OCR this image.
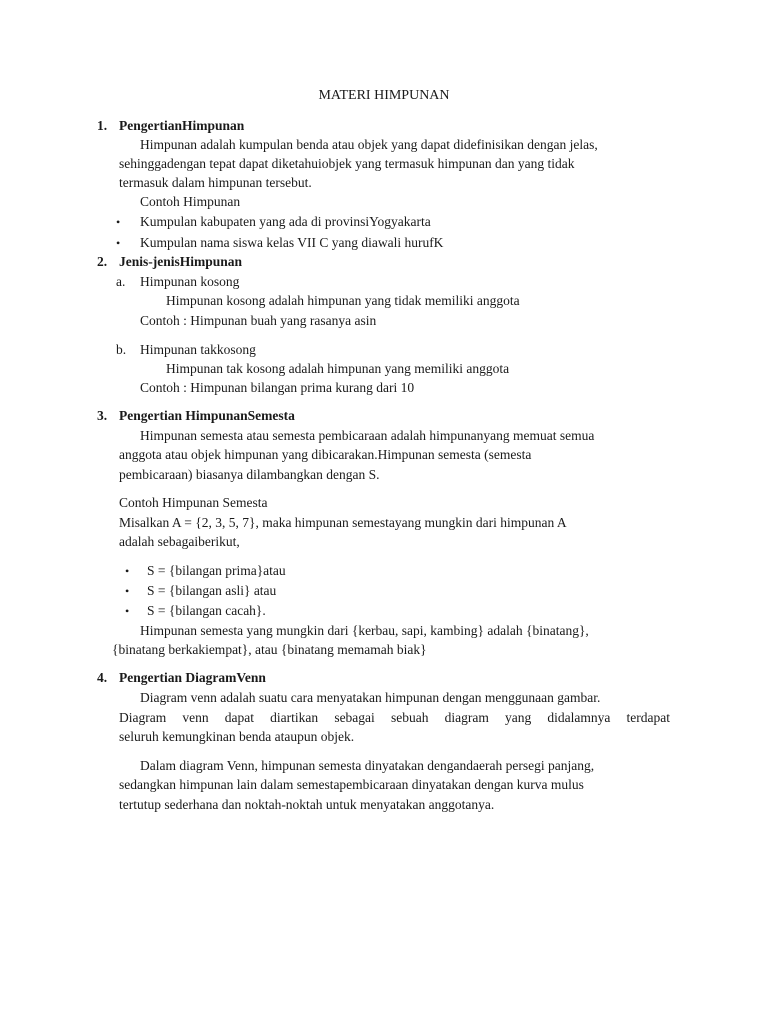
MATERI HIMPUNAN
1. PengertianHimpunan
Himpunan adalah kumpulan benda atau objek yang dapat didefinisikan dengan jelas,
sehinggadengan tepat dapat diketahuiobjek yang termasuk himpunan dan yang tidak
termasuk dalam himpunan tersebut.
Contoh Himpunan
• Kumpulan kabupaten yang ada di provinsiYogyakarta
• Kumpulan nama siswa kelas VII C yang diawali hurufK
2. Jenis-jenisHimpunan
a. Himpunan kosong
Himpunan kosong adalah himpunan yang tidak memiliki anggota
Contoh : Himpunan buah yang rasanya asin
b. Himpunan takkosong
Himpunan tak kosong adalah himpunan yang memiliki anggota
Contoh : Himpunan bilangan prima kurang dari 10
3. Pengertian HimpunanSemesta
Himpunan semesta atau semesta pembicaraan adalah himpunanyang memuat semua
anggota atau objek himpunan yang dibicarakan.Himpunan semesta (semesta
pembicaraan) biasanya dilambangkan dengan S.
Contoh Himpunan Semesta
Misalkan A = {2, 3, 5, 7}, maka himpunan semestayang mungkin dari himpunan A
adalah sebagaiberikut,
• S = {bilangan prima}atau
• S = {bilangan asli} atau
• S = {bilangan cacah}.
Himpunan semesta yang mungkin dari {kerbau, sapi, kambing} adalah {binatang},
{binatang berkakiempat}, atau {binatang memamah biak}
4. Pengertian DiagramVenn
Diagram venn adalah suatu cara menyatakan himpunan dengan menggunaan gambar.
Diagram venn dapat diartikan sebagai sebuah diagram yang didalamnya terdapat
seluruh kemungkinan benda ataupun objek.
Dalam diagram Venn, himpunan semesta dinyatakan dengandaerah persegi panjang,
sedangkan himpunan lain dalam semestapembicaraan dinyatakan dengan kurva mulus
tertutup sederhana dan noktah-noktah untuk menyatakan anggotanya.
